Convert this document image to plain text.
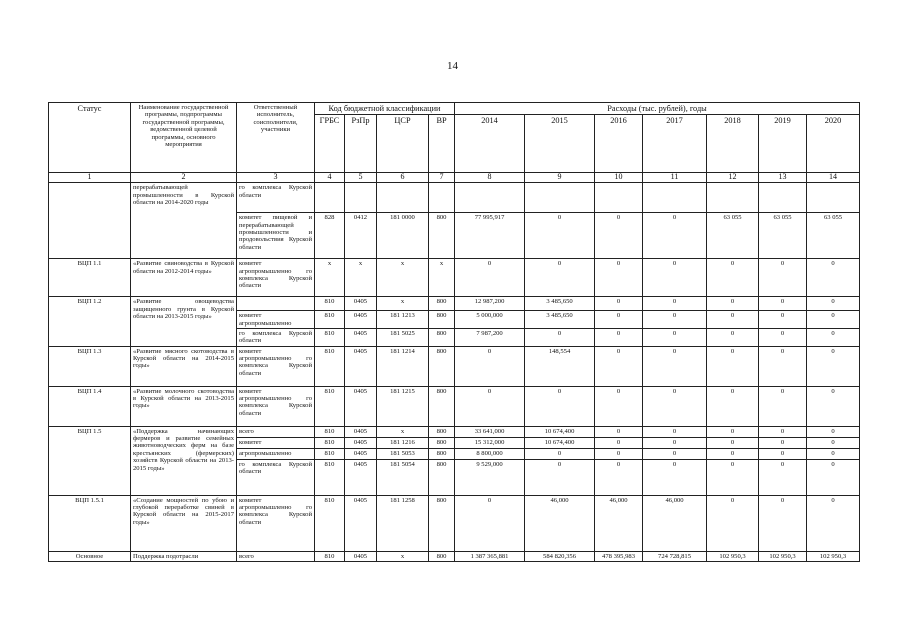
14
Статус	Наименование государственной программы, подпрограммы государственной программы, ведомственной целевой программы, основного мероприятия	Ответственный исполнитель, соисполнители, участники	Код бюджетной классификации				Расходы (тыс. рублей), годы						
			ГРБС	РзПр	ЦСР	ВР	2014	2015	2016	2017	2018	2019	2020
1	2	3	4	5	6	7	8	9	10	11	12	13	14
	перерабатывающей промышленности в Курской области на 2014-2020 годы	го комплекса Курской области											
		комитет пищевой и перерабатывающей промышленности и продовольствия Курской области	828	0412	181 0000	800	77 995,917	0	0	0	63 055	63 055	63 055
ВЦП 1.1	«Развитие свиноводства в Курской области на 2012-2014 годы»	комитет агропромышленно го комплекса Курской области	х	х	х	х	0	0	0	0	0	0	0
ВЦП 1.2	«Развитие овощеводства защищенного грунта в Курской области на 2013-2015 годы»		810	0405	х	800	12 987,200	3 485,650	0	0	0	0	0
		комитет агропромышленно	810	0405	181 1213	800	5 000,000	3 485,650	0	0	0	0	0
		го комплекса Курской области	810	0405	181 5025	800	7 987,200	0	0	0	0	0	0
ВЦП 1.3	«Развитие мясного скотоводства в Курской области на 2014-2015 годы»	комитет агропромышленно го комплекса Курской области	810	0405	181 1214	800	0	148,554	0	0	0	0	0
ВЦП 1.4	«Развитие молочного скотоводства в Курской области на 2013-2015 годы»	комитет агропромышленно го комплекса Курской области	810	0405	181 1215	800	0	0	0	0	0	0	0
ВЦП 1.5	«Поддержка начинающих фермеров и развитие семейных животноводческих ферм на базе крестьянских (фермерских) хозяйств Курской области на 2013-2015 годы»	всего	810	0405	х	800	33 641,000	10 674,400	0	0	0	0	0
		комитет	810	0405	181 1216	800	15 312,000	10 674,400	0	0	0	0	0
		агропромышленно	810	0405	181 5053	800	8 800,000	0	0	0	0	0	0
		го комплекса Курской области	810	0405	181 5054	800	9 529,000	0	0	0	0	0	0
ВЦП 1.5.1	«Создание мощностей по убою и глубокой переработке свиней в Курской области на 2015-2017 годы»	комитет агропромышленно го комплекса Курской области	810	0405	181 1258	800	0	46,000	46,000	46,000	0	0	0
Основное	Поддержка подотрасли	всего	810	0405	х	800	1 387 365,881	584 820,356	478 395,983	724 728,815	102 950,3	102 950,3	102 950,3
